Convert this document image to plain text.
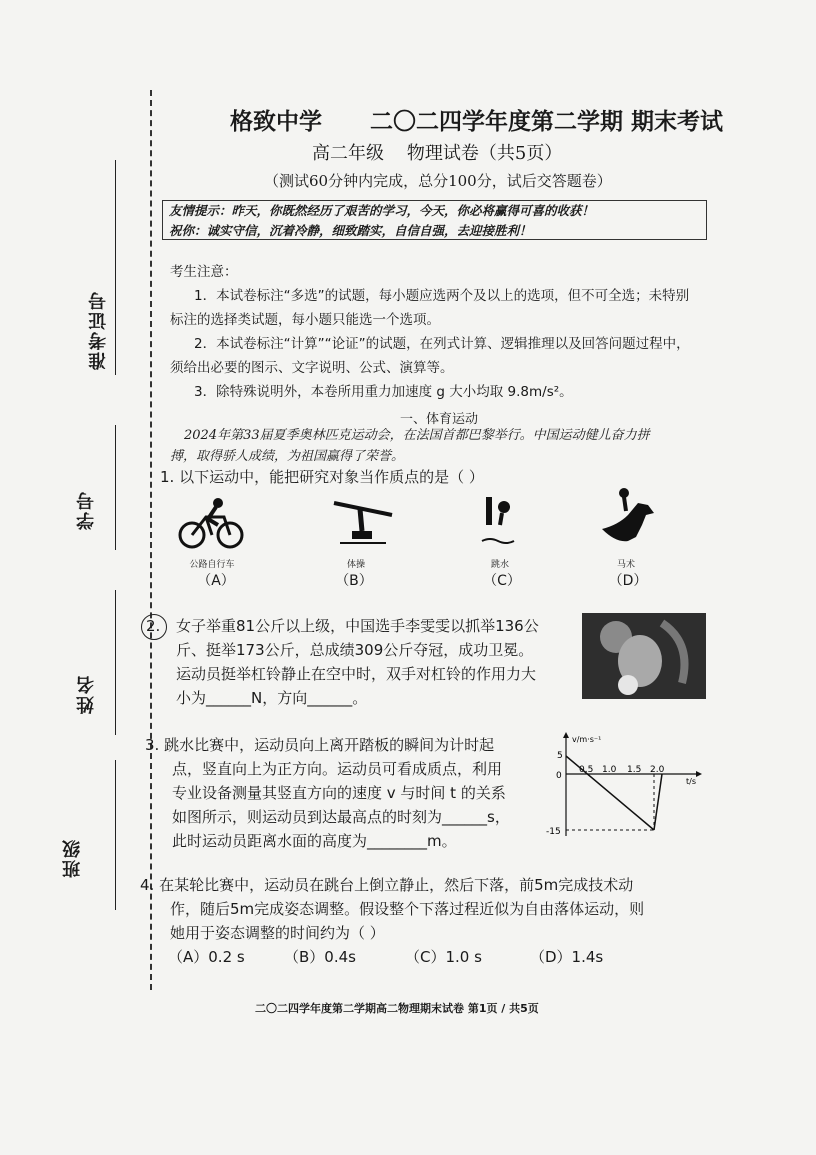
准考证号
学号
姓名
班级
格致中学      二〇二四学年度第二学期 期末考试
高二年级    物理试卷（共5页）
（测试60分钟内完成，总分100分，试后交答题卷）
友情提示：昨天，你既然经历了艰苦的学习，今天，你必将赢得可喜的收获！
祝你：诚实守信，沉着冷静，细致踏实，自信自强，去迎接胜利！
考生注意：
1．本试卷标注“多选”的试题，每小题应选两个及以上的选项，但不可全选；未特别
标注的选择类试题，每小题只能选一个选项。
2．本试卷标注“计算”“论证”的试题，在列式计算、逻辑推理以及回答问题过程中，
须给出必要的图示、文字说明、公式、演算等。
3．除特殊说明外，本卷所用重力加速度 g 大小均取 9.8m/s²。
一、体育运动
2024年第33届夏季奥林匹克运动会，在法国首都巴黎举行。中国运动健儿奋力拼
搏，取得骄人成绩，为祖国赢得了荣誉。
1. 以下运动中，能把研究对象当作质点的是（ ）
公路自行车	体操	跳水	马术
（A）	（B）	（C）	（D）
2. 女子举重81公斤以上级，中国选手李雯雯以抓举136公
斤、挺举173公斤，总成绩309公斤夺冠，成功卫冕。
运动员挺举杠铃静止在空中时，双手对杠铃的作用力大
小为______N，方向______。
3. 跳水比赛中，运动员向上离开踏板的瞬间为计时起
点，竖直向上为正方向。运动员可看成质点，利用
专业设备测量其竖直方向的速度 v 与时间 t 的关系
如图所示，则运动员到达最高点的时刻为______s，
此时运动员距离水面的高度为________m。
v/m·s⁻¹
t/s
0
5
-15
0.5 1.0 1.5 2.0
4. 在某轮比赛中，运动员在跳台上倒立静止，然后下落，前5m完成技术动
作，随后5m完成姿态调整。假设整个下落过程近似为自由落体运动，则
她用于姿态调整的时间约为（ ）
（A）0.2 s	（B）0.4s	（C）1.0 s	（D）1.4s
二〇二四学年度第二学期高二物理期末试卷 第1页 / 共5页
